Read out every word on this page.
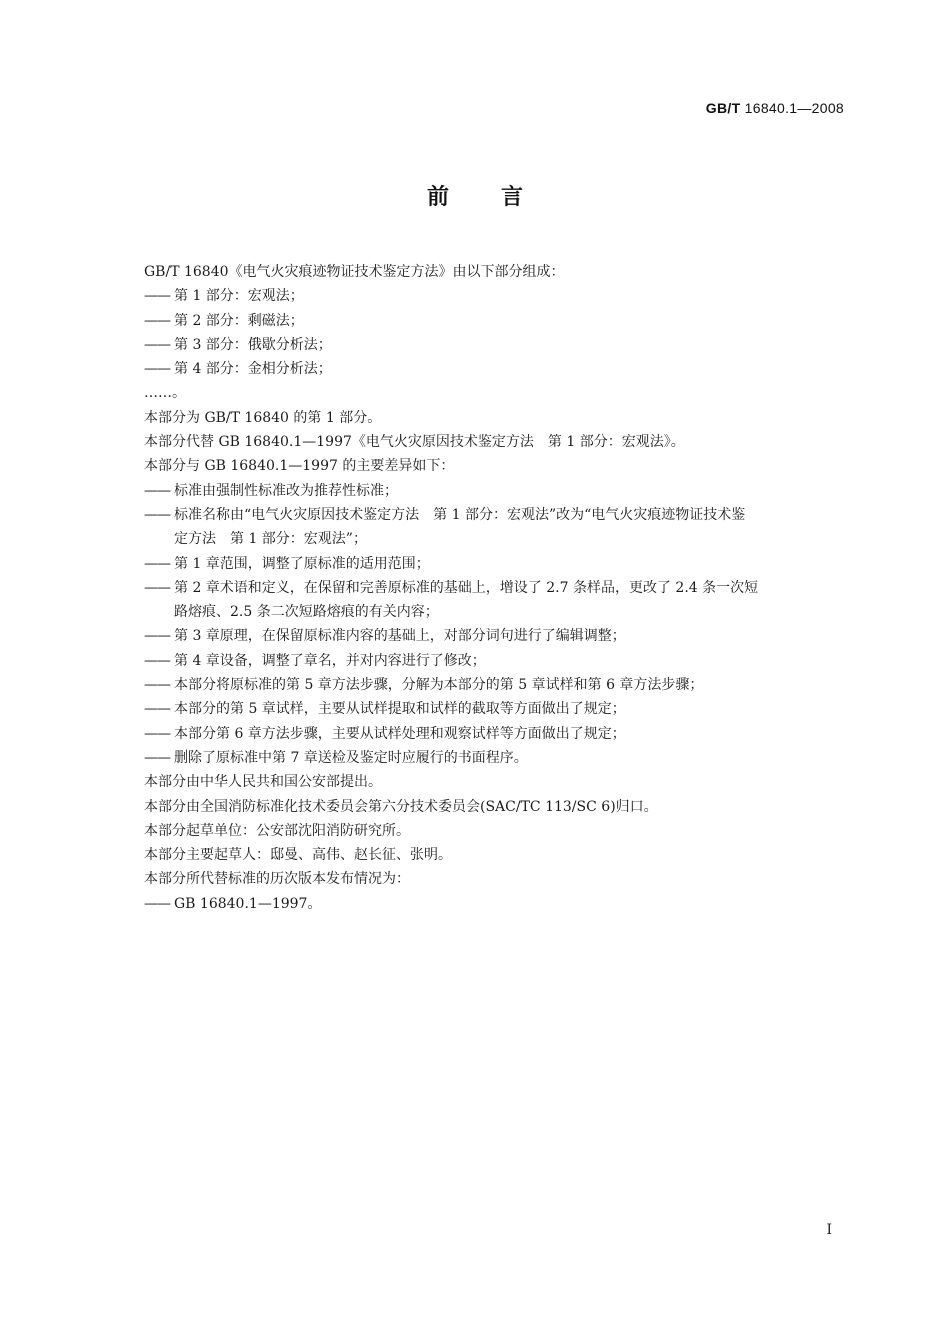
GB/T 16840.1—2008
前言
GB/T 16840《电气火灾痕迹物证技术鉴定方法》由以下部分组成：
—— 第 1 部分：宏观法；
—— 第 2 部分：剩磁法；
—— 第 3 部分：俄歇分析法；
—— 第 4 部分：金相分析法；
……。
本部分为 GB/T 16840 的第 1 部分。
本部分代替 GB 16840.1—1997《电气火灾原因技术鉴定方法　第 1 部分：宏观法》。
本部分与 GB 16840.1—1997 的主要差异如下：
—— 标准由强制性标准改为推荐性标准；
—— 标准名称由“电气火灾原因技术鉴定方法　第 1 部分：宏观法”改为“电气火灾痕迹物证技术鉴
定方法　第 1 部分：宏观法”；
—— 第 1 章范围，调整了原标准的适用范围；
—— 第 2 章术语和定义，在保留和完善原标准的基础上，增设了 2.7 条样品，更改了 2.4 条一次短
路熔痕、2.5 条二次短路熔痕的有关内容；
—— 第 3 章原理，在保留原标准内容的基础上，对部分词句进行了编辑调整；
—— 第 4 章设备，调整了章名，并对内容进行了修改；
—— 本部分将原标准的第 5 章方法步骤，分解为本部分的第 5 章试样和第 6 章方法步骤；
—— 本部分的第 5 章试样，主要从试样提取和试样的截取等方面做出了规定；
—— 本部分第 6 章方法步骤，主要从试样处理和观察试样等方面做出了规定；
—— 删除了原标准中第 7 章送检及鉴定时应履行的书面程序。
本部分由中华人民共和国公安部提出。
本部分由全国消防标准化技术委员会第六分技术委员会(SAC/TC 113/SC 6)归口。
本部分起草单位：公安部沈阳消防研究所。
本部分主要起草人：邸曼、高伟、赵长征、张明。
本部分所代替标准的历次版本发布情况为：
—— GB 16840.1—1997。
I
